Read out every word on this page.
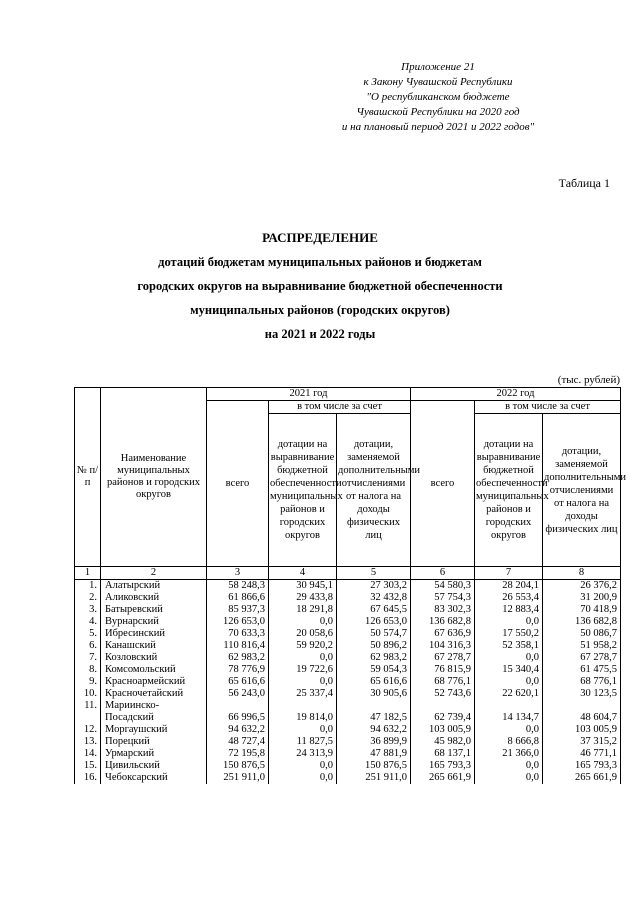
Приложение 21
к Закону Чувашской Республики
"О республиканском бюджете
Чувашской Республики на 2020 год
и на плановый период 2021 и 2022 годов"
Таблица 1
РАСПРЕДЕЛЕНИЕ
дотаций бюджетам муниципальных районов и бюджетам
городских округов на выравнивание бюджетной обеспеченности
муниципальных районов (городских округов)
на 2021 и 2022 годы
(тыс. рублей)
№ п/п	Наименование муниципальных районов и городских округов	2021 год			2022 год		
		всего	в том числе за счет		всего	в том числе за счет	
			дотации на выравнивание бюджетной обеспеченности муниципальных районов и городских округов	дотации, заменяемой дополнительными отчислениями от налога на доходы физических лиц		дотации на выравнивание бюджетной обеспеченности муниципальных районов и городских округов	дотации, заменяемой дополнительными отчислениями от налога на доходы физических лиц
1	2	3	4	5	6	7	8
1.	Алатырский	58 248,3	30 945,1	27 303,2	54 580,3	28 204,1	26 376,2
2.	Аликовский	61 866,6	29 433,8	32 432,8	57 754,3	26 553,4	31 200,9
3.	Батыревский	85 937,3	18 291,8	67 645,5	83 302,3	12 883,4	70 418,9
4.	Вурнарский	126 653,0	0,0	126 653,0	136 682,8	0,0	136 682,8
5.	Ибресинский	70 633,3	20 058,6	50 574,7	67 636,9	17 550,2	50 086,7
6.	Канашский	110 816,4	59 920,2	50 896,2	104 316,3	52 358,1	51 958,2
7.	Козловский	62 983,2	0,0	62 983,2	67 278,7	0,0	67 278,7
8.	Комсомольский	78 776,9	19 722,6	59 054,3	76 815,9	15 340,4	61 475,5
9.	Красноармейский	65 616,6	0,0	65 616,6	68 776,1	0,0	68 776,1
10.	Красночетайский	56 243,0	25 337,4	30 905,6	52 743,6	22 620,1	30 123,5
11.	Мариинско-Посадский	66 996,5	19 814,0	47 182,5	62 739,4	14 134,7	48 604,7
12.	Моргаушский	94 632,2	0,0	94 632,2	103 005,9	0,0	103 005,9
13.	Порецкий	48 727,4	11 827,5	36 899,9	45 982,0	8 666,8	37 315,2
14.	Урмарский	72 195,8	24 313,9	47 881,9	68 137,1	21 366,0	46 771,1
15.	Цивильский	150 876,5	0,0	150 876,5	165 793,3	0,0	165 793,3
16.	Чебоксарский	251 911,0	0,0	251 911,0	265 661,9	0,0	265 661,9
